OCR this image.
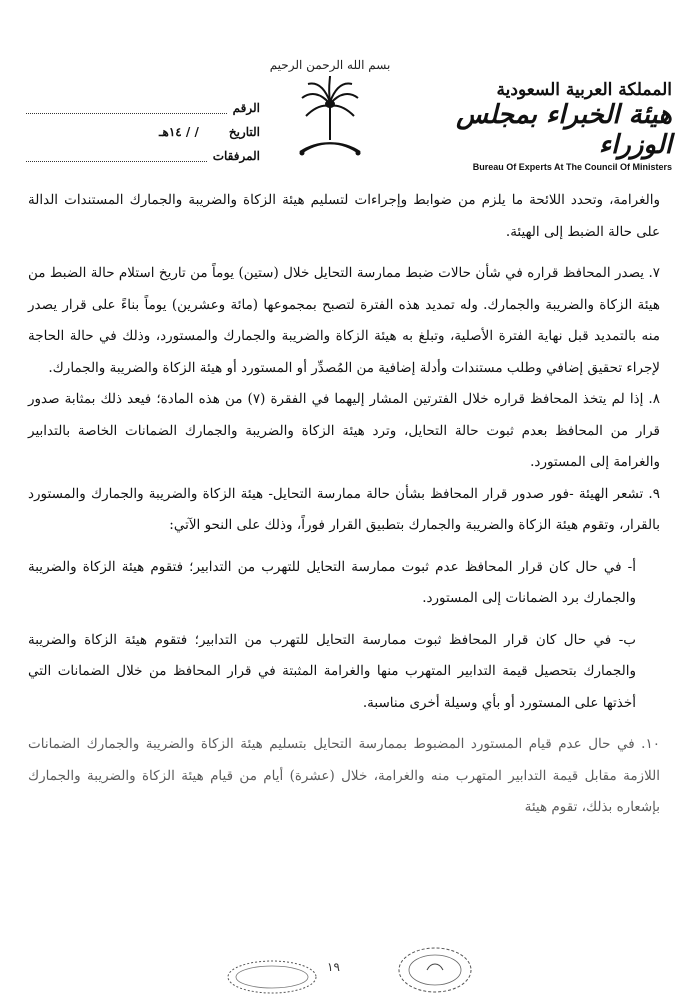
بسم الله الرحمن الرحيم
المملكة العربية السعودية
هيئة الخبراء بمجلس الوزراء
Bureau Of Experts At The Council Of Ministers
الرقم
التاريخ
/ / ١٤هـ
المرفقات

والغرامة، وتحدد اللائحة ما يلزم من ضوابط وإجراءات لتسليم هيئة الزكاة والضريبة والجمارك المستندات الدالة على حالة الضبط إلى الهيئة.

٧. يصدر المحافظ قراره في شأن حالات ضبط ممارسة التحايل خلال (ستين) يوماً من تاريخ استلام حالة الضبط من هيئة الزكاة والضريبة والجمارك. وله تمديد هذه الفترة لتصبح بمجموعها (مائة وعشرين) يوماً بناءً على قرار يصدر منه بالتمديد قبل نهاية الفترة الأصلية، وتبلغ به هيئة الزكاة والضريبة والجمارك والمستورد، وذلك في حالة الحاجة لإجراء تحقيق إضافي وطلب مستندات وأدلة إضافية من المُصدِّر أو المستورد أو هيئة الزكاة والضريبة والجمارك.

٨. إذا لم يتخذ المحافظ قراره خلال الفترتين المشار إليهما في الفقرة (٧) من هذه المادة؛ فيعد ذلك بمثابة صدور قرار من المحافظ بعدم ثبوت حالة التحايل، وترد هيئة الزكاة والضريبة والجمارك الضمانات الخاصة بالتدابير والغرامة إلى المستورد.

٩. تشعر الهيئة -فور صدور قرار المحافظ بشأن حالة ممارسة التحايل- هيئة الزكاة والضريبة والجمارك والمستورد بالقرار، وتقوم هيئة الزكاة والضريبة والجمارك بتطبيق القرار فوراً، وذلك على النحو الآتي:

أ- في حال كان قرار المحافظ عدم ثبوت ممارسة التحايل للتهرب من التدابير؛ فتقوم هيئة الزكاة والضريبة والجمارك برد الضمانات إلى المستورد.

ب- في حال كان قرار المحافظ ثبوت ممارسة التحايل للتهرب من التدابير؛ فتقوم هيئة الزكاة والضريبة والجمارك بتحصيل قيمة التدابير المتهرب منها والغرامة المثبتة في قرار المحافظ من خلال الضمانات التي أخذتها على المستورد أو بأي وسيلة أخرى مناسبة.

١٠. في حال عدم قيام المستورد المضبوط بممارسة التحايل بتسليم هيئة الزكاة والضريبة والجمارك الضمانات اللازمة مقابل قيمة التدابير المتهرب منه والغرامة، خلال (عشرة) أيام من قيام هيئة الزكاة والضريبة والجمارك بإشعاره بذلك، تقوم هيئة

١٩
